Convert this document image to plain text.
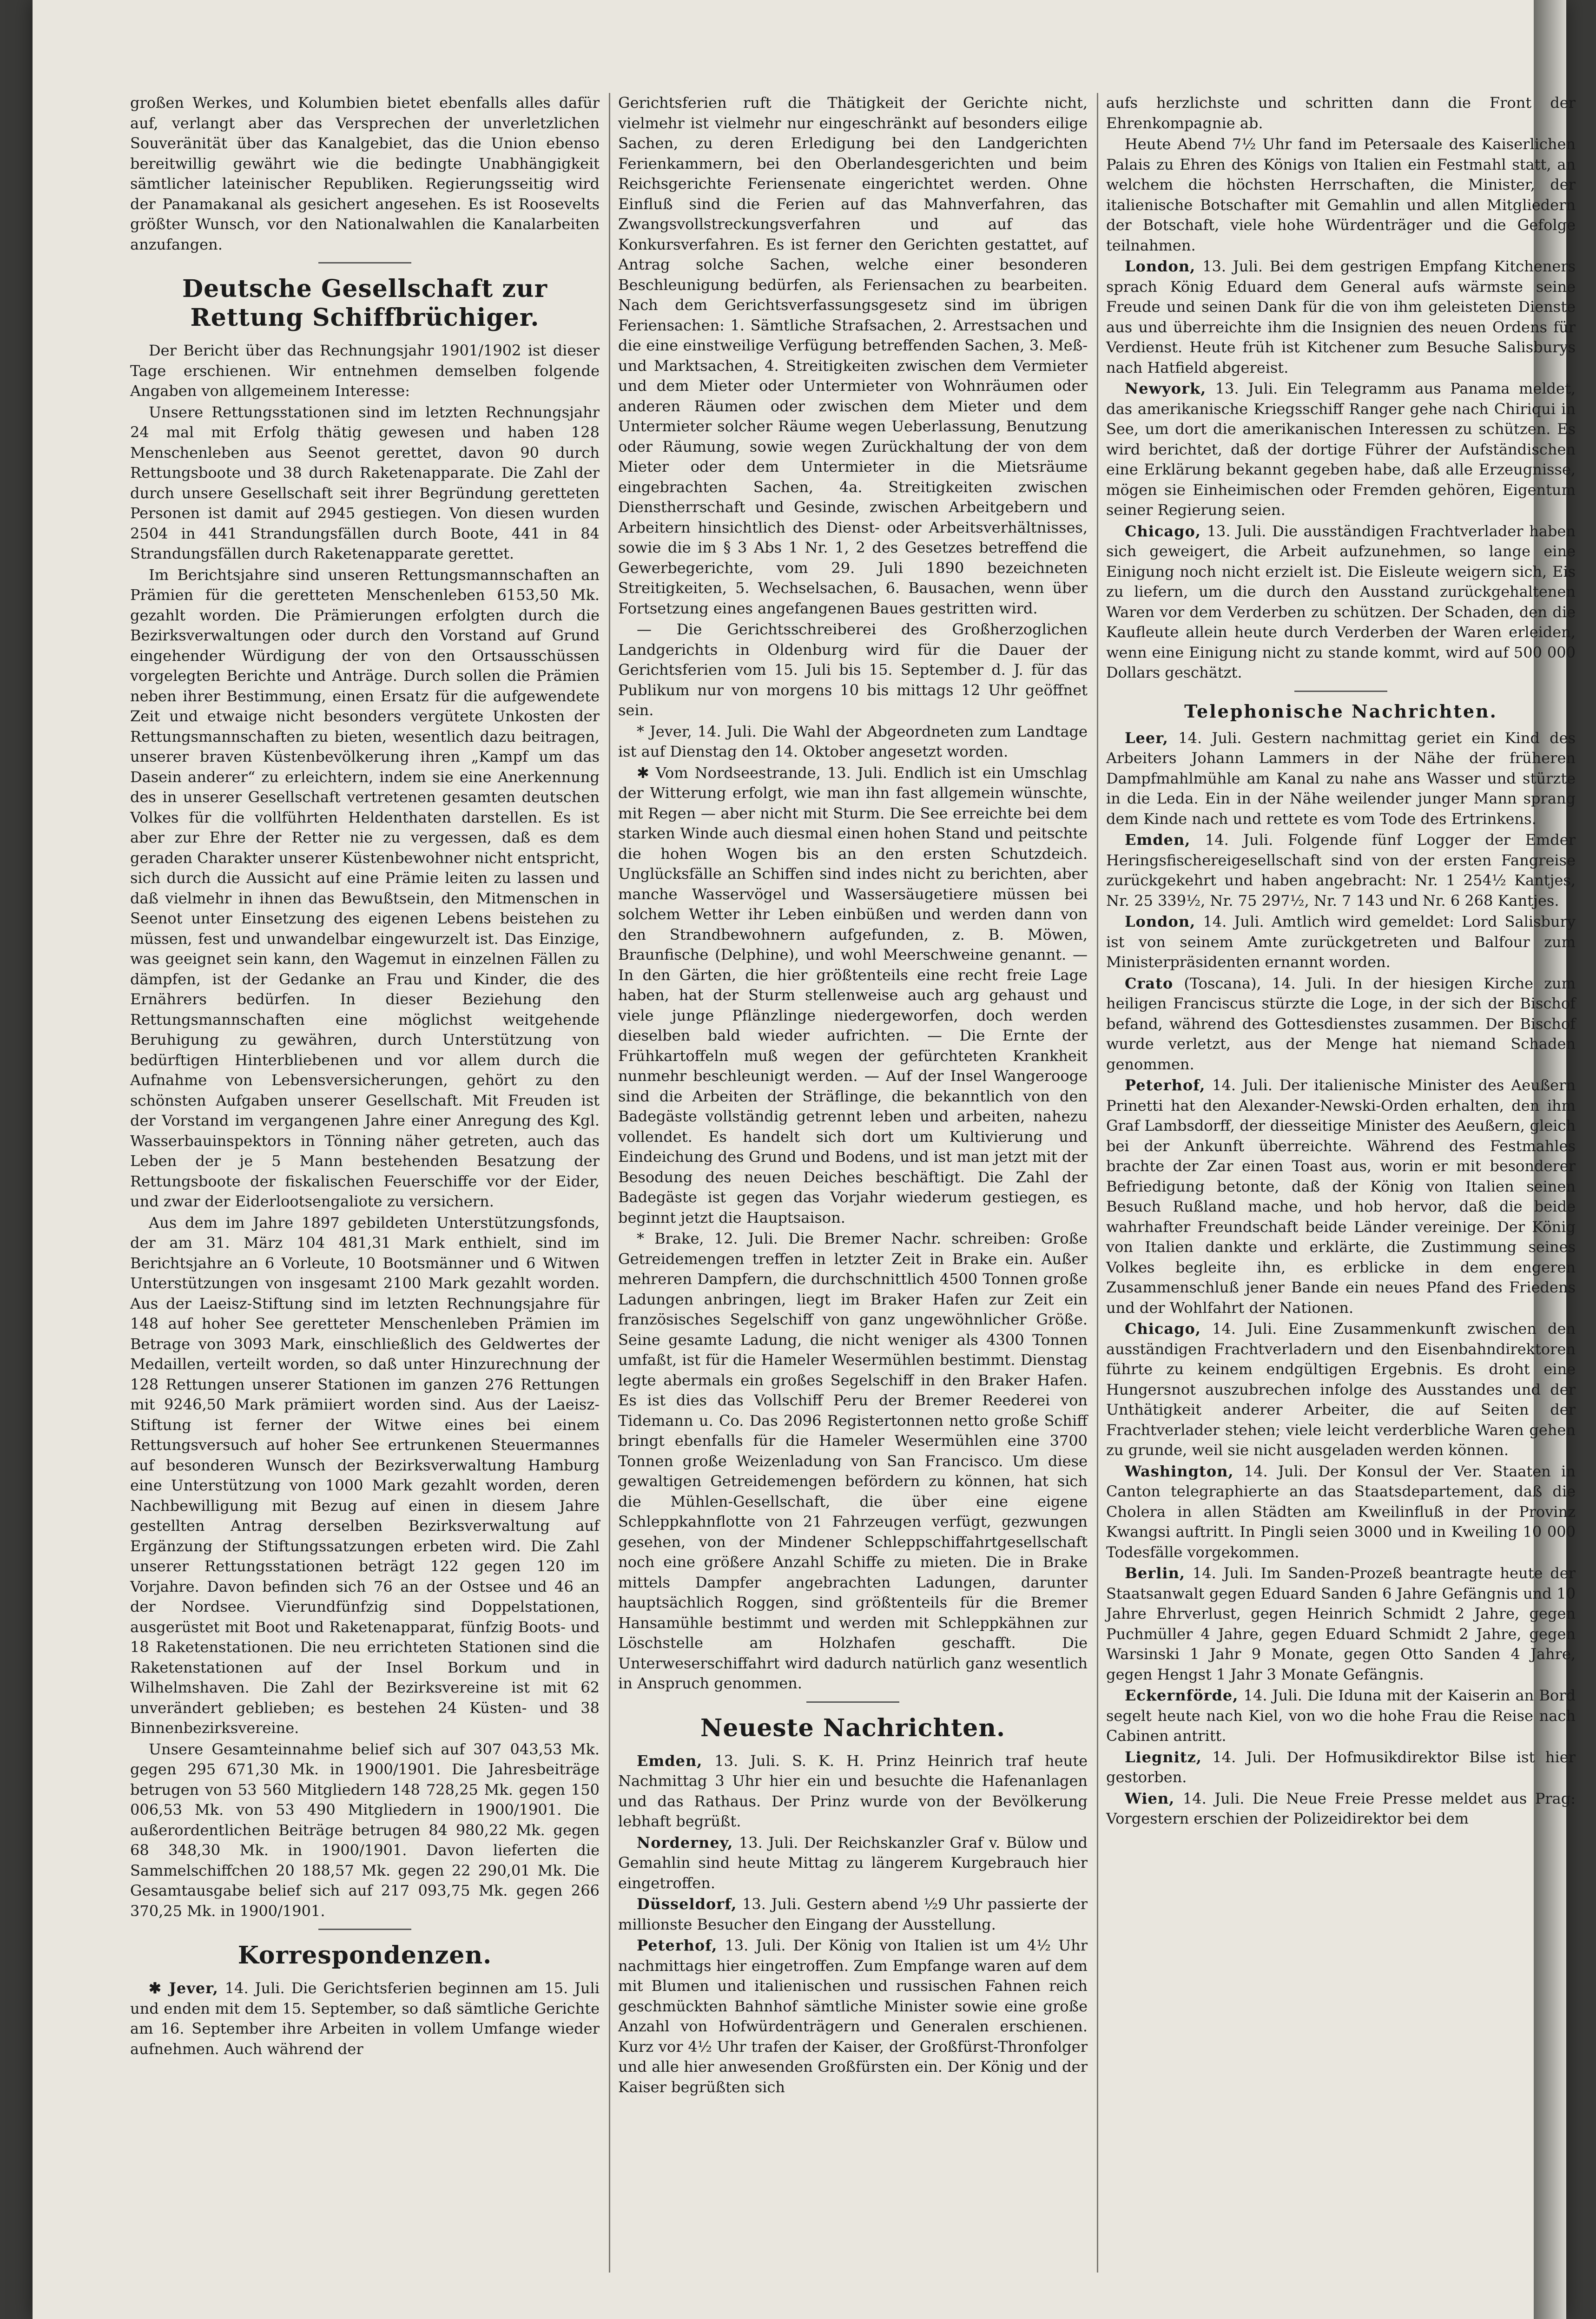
großen Werkes, und Kolumbien bietet ebenfalls alles dafür auf, verlangt aber das Versprechen der unverletzlichen Souveränität über das Kanalgebiet, das die Union ebenso bereitwillig gewährt wie die bedingte Unabhängigkeit sämtlicher lateinischer Republiken. Regierungsseitig wird der Panamakanal als gesichert angesehen. Es ist Roosevelts größter Wunsch, vor den Nationalwahlen die Kanalarbeiten anzufangen.

Deutsche Gesellschaft zur Rettung Schiffbrüchiger.

Der Bericht über das Rechnungsjahr 1901/1902 ist dieser Tage erschienen. Wir entnehmen demselben folgende Angaben von allgemeinem Interesse:

Unsere Rettungsstationen sind im letzten Rechnungsjahr 24 mal mit Erfolg thätig gewesen und haben 128 Menschenleben aus Seenot gerettet, davon 90 durch Rettungsboote und 38 durch Raketenapparate. Die Zahl der durch unsere Gesellschaft seit ihrer Begründung geretteten Personen ist damit auf 2945 gestiegen. Von diesen wurden 2504 in 441 Strandungsfällen durch Boote, 441 in 84 Strandungsfällen durch Raketenapparate gerettet.

Im Berichtsjahre sind unseren Rettungsmannschaften an Prämien für die geretteten Menschenleben 6153,50 Mk. gezahlt worden. Die Prämierungen erfolgten durch die Bezirksverwaltungen oder durch den Vorstand auf Grund eingehender Würdigung der von den Ortsausschüssen vorgelegten Berichte und Anträge. Durch sollen die Prämien neben ihrer Bestimmung, einen Ersatz für die aufgewendete Zeit und etwaige nicht besonders vergütete Unkosten der Rettungsmannschaften zu bieten, wesentlich dazu beitragen, unserer braven Küstenbevölkerung ihren „Kampf um das Dasein anderer“ zu erleichtern, indem sie eine Anerkennung des in unserer Gesellschaft vertretenen gesamten deutschen Volkes für die vollführten Heldenthaten darstellen. Es ist aber zur Ehre der Retter nie zu vergessen, daß es dem geraden Charakter unserer Küstenbewohner nicht entspricht, sich durch die Aussicht auf eine Prämie leiten zu lassen und daß vielmehr in ihnen das Bewußtsein, den Mitmenschen in Seenot unter Einsetzung des eigenen Lebens beistehen zu müssen, fest und unwandelbar eingewurzelt ist. Das Einzige, was geeignet sein kann, den Wagemut in einzelnen Fällen zu dämpfen, ist der Gedanke an Frau und Kinder, die des Ernährers bedürfen. In dieser Beziehung den Rettungsmannschaften eine möglichst weitgehende Beruhigung zu gewähren, durch Unterstützung von bedürftigen Hinterbliebenen und vor allem durch die Aufnahme von Lebensversicherungen, gehört zu den schönsten Aufgaben unserer Gesellschaft. Mit Freuden ist der Vorstand im vergangenen Jahre einer Anregung des Kgl. Wasserbauinspektors in Tönning näher getreten, auch das Leben der je 5 Mann bestehenden Besatzung der Rettungsboote der fiskalischen Feuerschiffe vor der Eider, und zwar der Eiderlootsengaliote zu versichern.

Aus dem im Jahre 1897 gebildeten Unterstützungsfonds, der am 31. März 104 481,31 Mark enthielt, sind im Berichtsjahre an 6 Vorleute, 10 Bootsmänner und 6 Witwen Unterstützungen von insgesamt 2100 Mark gezahlt worden. Aus der Laeisz-Stiftung sind im letzten Rechnungsjahre für 148 auf hoher See geretteter Menschenleben Prämien im Betrage von 3093 Mark, einschließlich des Geldwertes der Medaillen, verteilt worden, so daß unter Hinzurechnung der 128 Rettungen unserer Stationen im ganzen 276 Rettungen mit 9246,50 Mark prämiiert worden sind. Aus der Laeisz-Stiftung ist ferner der Witwe eines bei einem Rettungsversuch auf hoher See ertrunkenen Steuermannes auf besonderen Wunsch der Bezirksverwaltung Hamburg eine Unterstützung von 1000 Mark gezahlt worden, deren Nachbewilligung mit Bezug auf einen in diesem Jahre gestellten Antrag derselben Bezirksverwaltung auf Ergänzung der Stiftungssatzungen erbeten wird. Die Zahl unserer Rettungsstationen beträgt 122 gegen 120 im Vorjahre. Davon befinden sich 76 an der Ostsee und 46 an der Nordsee. Vierundfünfzig sind Doppelstationen, ausgerüstet mit Boot und Raketenapparat, fünfzig Boots- und 18 Raketenstationen. Die neu errichteten Stationen sind die Raketenstationen auf der Insel Borkum und in Wilhelmshaven. Die Zahl der Bezirksvereine ist mit 62 unverändert geblieben; es bestehen 24 Küsten- und 38 Binnenbezirksvereine.

Unsere Gesamteinnahme belief sich auf 307 043,53 Mk. gegen 295 671,30 Mk. in 1900/1901. Die Jahresbeiträge betrugen von 53 560 Mitgliedern 148 728,25 Mk. gegen 150 006,53 Mk. von 53 490 Mitgliedern in 1900/1901. Die außerordentlichen Beiträge betrugen 84 980,22 Mk. gegen 68 348,30 Mk. in 1900/1901. Davon lieferten die Sammelschiffchen 20 188,57 Mk. gegen 22 290,01 Mk. Die Gesamtausgabe belief sich auf 217 093,75 Mk. gegen 266 370,25 Mk. in 1900/1901.

Korrespondenzen.

✱ Jever, 14. Juli. Die Gerichtsferien beginnen am 15. Juli und enden mit dem 15. September, so daß sämtliche Gerichte am 16. September ihre Arbeiten in vollem Umfange wieder aufnehmen. Auch während der

Gerichtsferien ruft die Thätigkeit der Gerichte nicht, vielmehr ist vielmehr nur eingeschränkt auf besonders eilige Sachen, zu deren Erledigung bei den Landgerichten Ferienkammern, bei den Oberlandesgerichten und beim Reichsgerichte Feriensenate eingerichtet werden. Ohne Einfluß sind die Ferien auf das Mahnverfahren, das Zwangsvollstreckungsverfahren und auf das Konkursverfahren. Es ist ferner den Gerichten gestattet, auf Antrag solche Sachen, welche einer besonderen Beschleunigung bedürfen, als Feriensachen zu bearbeiten. Nach dem Gerichtsverfassungsgesetz sind im übrigen Feriensachen: 1. Sämtliche Strafsachen, 2. Arrestsachen und die eine einstweilige Verfügung betreffenden Sachen, 3. Meß- und Marktsachen, 4. Streitigkeiten zwischen dem Vermieter und dem Mieter oder Untermieter von Wohnräumen oder anderen Räumen oder zwischen dem Mieter und dem Untermieter solcher Räume wegen Ueberlassung, Benutzung oder Räumung, sowie wegen Zurückhaltung der von dem Mieter oder dem Untermieter in die Mietsräume eingebrachten Sachen, 4a. Streitigkeiten zwischen Dienstherrschaft und Gesinde, zwischen Arbeitgebern und Arbeitern hinsichtlich des Dienst- oder Arbeitsverhältnisses, sowie die im § 3 Abs 1 Nr. 1, 2 des Gesetzes betreffend die Gewerbegerichte, vom 29. Juli 1890 bezeichneten Streitigkeiten, 5. Wechselsachen, 6. Bausachen, wenn über Fortsetzung eines angefangenen Baues gestritten wird.

— Die Gerichtsschreiberei des Großherzoglichen Landgerichts in Oldenburg wird für die Dauer der Gerichtsferien vom 15. Juli bis 15. September d. J. für das Publikum nur von morgens 10 bis mittags 12 Uhr geöffnet sein.

* Jever, 14. Juli. Die Wahl der Abgeordneten zum Landtage ist auf Dienstag den 14. Oktober angesetzt worden.

✱ Vom Nordseestrande, 13. Juli. Endlich ist ein Umschlag der Witterung erfolgt, wie man ihn fast allgemein wünschte, mit Regen — aber nicht mit Sturm. Die See erreichte bei dem starken Winde auch diesmal einen hohen Stand und peitschte die hohen Wogen bis an den ersten Schutzdeich. Unglücksfälle an Schiffen sind indes nicht zu berichten, aber manche Wasservögel und Wassersäugetiere müssen bei solchem Wetter ihr Leben einbüßen und werden dann von den Strandbewohnern aufgefunden, z. B. Möwen, Braunfische (Delphine), und wohl Meerschweine genannt. — In den Gärten, die hier größtenteils eine recht freie Lage haben, hat der Sturm stellenweise auch arg gehaust und viele junge Pflänzlinge niedergeworfen, doch werden dieselben bald wieder aufrichten. — Die Ernte der Frühkartoffeln muß wegen der gefürchteten Krankheit nunmehr beschleunigt werden. — Auf der Insel Wangerooge sind die Arbeiten der Sträflinge, die bekanntlich von den Badegäste vollständig getrennt leben und arbeiten, nahezu vollendet. Es handelt sich dort um Kultivierung und Eindeichung des Grund und Bodens, und ist man jetzt mit der Besodung des neuen Deiches beschäftigt. Die Zahl der Badegäste ist gegen das Vorjahr wiederum gestiegen, es beginnt jetzt die Hauptsaison.

* Brake, 12. Juli. Die Bremer Nachr. schreiben: Große Getreidemengen treffen in letzter Zeit in Brake ein. Außer mehreren Dampfern, die durchschnittlich 4500 Tonnen große Ladungen anbringen, liegt im Braker Hafen zur Zeit ein französisches Segelschiff von ganz ungewöhnlicher Größe. Seine gesamte Ladung, die nicht weniger als 4300 Tonnen umfaßt, ist für die Hameler Wesermühlen bestimmt. Dienstag legte abermals ein großes Segelschiff in den Braker Hafen. Es ist dies das Vollschiff Peru der Bremer Reederei von Tidemann u. Co. Das 2096 Registertonnen netto große Schiff bringt ebenfalls für die Hameler Wesermühlen eine 3700 Tonnen große Weizenladung von San Francisco. Um diese gewaltigen Getreidemengen befördern zu können, hat sich die Mühlen-Gesellschaft, die über eine eigene Schleppkahnflotte von 21 Fahrzeugen verfügt, gezwungen gesehen, von der Mindener Schleppschiffahrtgesellschaft noch eine größere Anzahl Schiffe zu mieten. Die in Brake mittels Dampfer angebrachten Ladungen, darunter hauptsächlich Roggen, sind größtenteils für die Bremer Hansamühle bestimmt und werden mit Schleppkähnen zur Löschstelle am Holzhafen geschafft. Die Unterweserschiffahrt wird dadurch natürlich ganz wesentlich in Anspruch genommen.

Neueste Nachrichten.

Emden, 13. Juli. S. K. H. Prinz Heinrich traf heute Nachmittag 3 Uhr hier ein und besuchte die Hafenanlagen und das Rathaus. Der Prinz wurde von der Bevölkerung lebhaft begrüßt.

Norderney, 13. Juli. Der Reichskanzler Graf v. Bülow und Gemahlin sind heute Mittag zu längerem Kurgebrauch hier eingetroffen.

Düsseldorf, 13. Juli. Gestern abend ½9 Uhr passierte der millionste Besucher den Eingang der Ausstellung.

Peterhof, 13. Juli. Der König von Italien ist um 4½ Uhr nachmittags hier eingetroffen. Zum Empfange waren auf dem mit Blumen und italienischen und russischen Fahnen reich geschmückten Bahnhof sämtliche Minister sowie eine große Anzahl von Hofwürdenträgern und Generalen erschienen. Kurz vor 4½ Uhr trafen der Kaiser, der Großfürst-Thronfolger und alle hier anwesenden Großfürsten ein. Der König und der Kaiser begrüßten sich

aufs herzlichste und schritten dann die Front der Ehrenkompagnie ab.

Heute Abend 7½ Uhr fand im Petersaale des Kaiserlichen Palais zu Ehren des Königs von Italien ein Festmahl statt, an welchem die höchsten Herrschaften, die Minister, der italienische Botschafter mit Gemahlin und allen Mitgliedern der Botschaft, viele hohe Würdenträger und die Gefolge teilnahmen.

London, 13. Juli. Bei dem gestrigen Empfang Kitcheners sprach König Eduard dem General aufs wärmste seine Freude und seinen Dank für die von ihm geleisteten Dienste aus und überreichte ihm die Insignien des neuen Ordens für Verdienst. Heute früh ist Kitchener zum Besuche Salisburys nach Hatfield abgereist.

Newyork, 13. Juli. Ein Telegramm aus Panama meldet, das amerikanische Kriegsschiff Ranger gehe nach Chiriqui in See, um dort die amerikanischen Interessen zu schützen. Es wird berichtet, daß der dortige Führer der Aufständischen eine Erklärung bekannt gegeben habe, daß alle Erzeugnisse, mögen sie Einheimischen oder Fremden gehören, Eigentum seiner Regierung seien.

Chicago, 13. Juli. Die ausständigen Frachtverlader haben sich geweigert, die Arbeit aufzunehmen, so lange eine Einigung noch nicht erzielt ist. Die Eisleute weigern sich, Eis zu liefern, um die durch den Ausstand zurückgehaltenen Waren vor dem Verderben zu schützen. Der Schaden, den die Kaufleute allein heute durch Verderben der Waren erleiden, wenn eine Einigung nicht zu stande kommt, wird auf 500 000 Dollars geschätzt.

Telephonische Nachrichten.

Leer, 14. Juli. Gestern nachmittag geriet ein Kind des Arbeiters Johann Lammers in der Nähe der früheren Dampfmahlmühle am Kanal zu nahe ans Wasser und stürzte in die Leda. Ein in der Nähe weilender junger Mann sprang dem Kinde nach und rettete es vom Tode des Ertrinkens.

Emden, 14. Juli. Folgende fünf Logger der Emder Heringsfischereigesellschaft sind von der ersten Fangreise zurückgekehrt und haben angebracht: Nr. 1 254½ Kantjes, Nr. 25 339½, Nr. 75 297½, Nr. 7 143 und Nr. 6 268 Kantjes.

London, 14. Juli. Amtlich wird gemeldet: Lord Salisbury ist von seinem Amte zurückgetreten und Balfour zum Ministerpräsidenten ernannt worden.

Crato (Toscana), 14. Juli. In der hiesigen Kirche zum heiligen Franciscus stürzte die Loge, in der sich der Bischof befand, während des Gottesdienstes zusammen. Der Bischof wurde verletzt, aus der Menge hat niemand Schaden genommen.

Peterhof, 14. Juli. Der italienische Minister des Aeußern Prinetti hat den Alexander-Newski-Orden erhalten, den ihm Graf Lambsdorff, der diesseitige Minister des Aeußern, gleich bei der Ankunft überreichte. Während des Festmahles brachte der Zar einen Toast aus, worin er mit besonderer Befriedigung betonte, daß der König von Italien seinen Besuch Rußland mache, und hob hervor, daß die beide wahrhafter Freundschaft beide Länder vereinige. Der König von Italien dankte und erklärte, die Zustimmung seines Volkes begleite ihn, es erblicke in dem engeren Zusammenschluß jener Bande ein neues Pfand des Friedens und der Wohlfahrt der Nationen.

Chicago, 14. Juli. Eine Zusammenkunft zwischen den ausständigen Frachtverladern und den Eisenbahndirektoren führte zu keinem endgültigen Ergebnis. Es droht eine Hungersnot auszubrechen infolge des Ausstandes und der Unthätigkeit anderer Arbeiter, die auf Seiten der Frachtverlader stehen; viele leicht verderbliche Waren gehen zu grunde, weil sie nicht ausgeladen werden können.

Washington, 14. Juli. Der Konsul der Ver. Staaten in Canton telegraphierte an das Staatsdepartement, daß die Cholera in allen Städten am Kweilinfluß in der Provinz Kwangsi auftritt. In Pingli seien 3000 und in Kweiling 10 000 Todesfälle vorgekommen.

Berlin, 14. Juli. Im Sanden-Prozeß beantragte heute der Staatsanwalt gegen Eduard Sanden 6 Jahre Gefängnis und 10 Jahre Ehrverlust, gegen Heinrich Schmidt 2 Jahre, gegen Puchmüller 4 Jahre, gegen Eduard Schmidt 2 Jahre, gegen Warsinski 1 Jahr 9 Monate, gegen Otto Sanden 4 Jahre, gegen Hengst 1 Jahr 3 Monate Gefängnis.

Eckernförde, 14. Juli. Die Iduna mit der Kaiserin an Bord segelt heute nach Kiel, von wo die hohe Frau die Reise nach Cabinen antritt.

Liegnitz, 14. Juli. Der Hofmusikdirektor Bilse ist hier gestorben.

Wien, 14. Juli. Die Neue Freie Presse meldet aus Prag: Vorgestern erschien der Polizeidirektor bei dem
